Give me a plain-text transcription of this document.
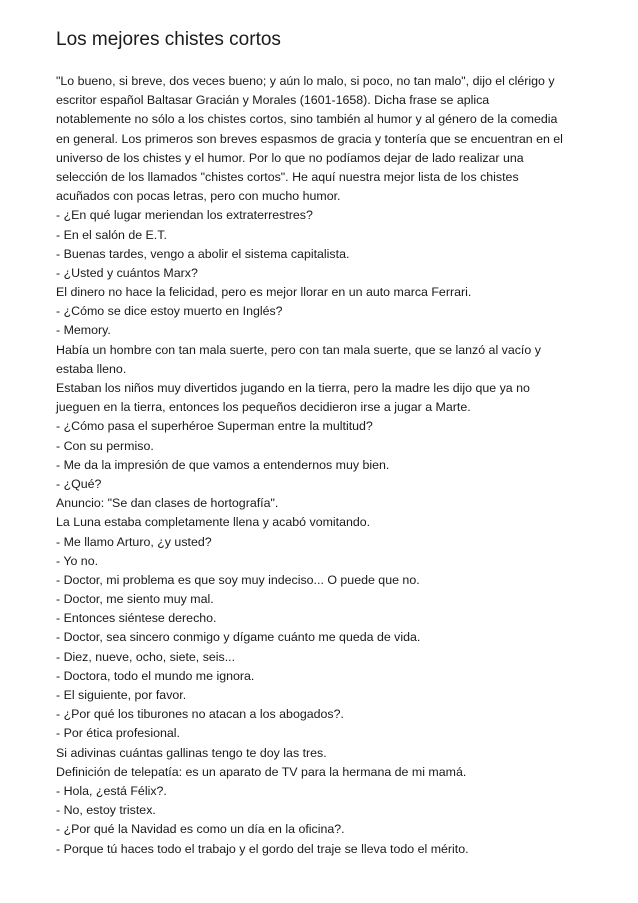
Los mejores chistes cortos
"Lo bueno, si breve, dos veces bueno; y aún lo malo, si poco, no tan malo", dijo el clérigo y
escritor español Baltasar Gracián y Morales (1601-1658). Dicha frase se aplica
notablemente no sólo a los chistes cortos, sino también al humor y al género de la comedia
en general. Los primeros son breves espasmos de gracia y tontería que se encuentran en el
universo de los chistes y el humor. Por lo que no podíamos dejar de lado realizar una
selección de los llamados "chistes cortos". He aquí nuestra mejor lista de los chistes
acuñados con pocas letras, pero con mucho humor.
- ¿En qué lugar meriendan los extraterrestres?
- En el salón de E.T.
- Buenas tardes, vengo a abolir el sistema capitalista.
- ¿Usted y cuántos Marx?
El dinero no hace la felicidad, pero es mejor llorar en un auto marca Ferrari.
- ¿Cómo se dice estoy muerto en Inglés?
- Memory.
Había un hombre con tan mala suerte, pero con tan mala suerte, que se lanzó al vacío y
estaba lleno.
Estaban los niños muy divertidos jugando en la tierra, pero la madre les dijo que ya no
jueguen en la tierra, entonces los pequeños decidieron irse a jugar a Marte.
- ¿Cómo pasa el superhéroe Superman entre la multitud?
- Con su permiso.
- Me da la impresión de que vamos a entendernos muy bien.
- ¿Qué?
Anuncio: "Se dan clases de hortografía".
La Luna estaba completamente llena y acabó vomitando.
- Me llamo Arturo, ¿y usted?
- Yo no.
- Doctor, mi problema es que soy muy indeciso... O puede que no.
- Doctor, me siento muy mal.
- Entonces siéntese derecho.
- Doctor, sea sincero conmigo y dígame cuánto me queda de vida.
- Diez, nueve, ocho, siete, seis...
- Doctora, todo el mundo me ignora.
- El siguiente, por favor.
- ¿Por qué los tiburones no atacan a los abogados?.
- Por ética profesional.
Si adivinas cuántas gallinas tengo te doy las tres.
Definición de telepatía: es un aparato de TV para la hermana de mi mamá.
- Hola, ¿está Félix?.
- No, estoy tristex.
- ¿Por qué la Navidad es como un día en la oficina?.
- Porque tú haces todo el trabajo y el gordo del traje se lleva todo el mérito.
